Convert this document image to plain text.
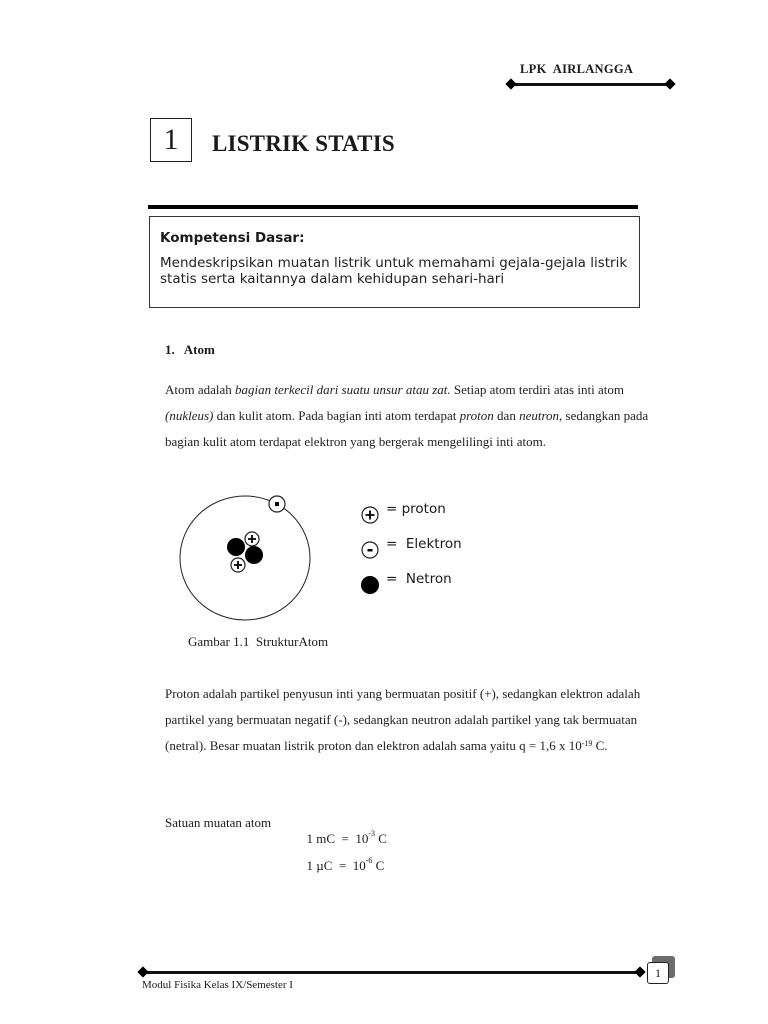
LPK  AIRLANGGA
1	LISTRIK STATIS
Kompetensi Dasar:
Mendeskripsikan muatan listrik untuk memahami gejala-gejala listrik statis serta kaitannya dalam kehidupan sehari-hari
1. Atom
Atom adalah bagian terkecil dari suatu unsur atau zat. Setiap atom terdiri atas inti atom (nukleus) dan kulit atom. Pada bagian inti atom terdapat proton dan neutron, sedangkan pada bagian kulit atom terdapat elektron yang bergerak mengelilingi inti atom.
= proton
=  Elektron
=  Netron
Gambar 1.1  StrukturAtom
Proton adalah partikel penyusun inti yang bermuatan positif (+), sedangkan elektron adalah partikel yang bermuatan negatif (-), sedangkan neutron adalah partikel yang tak bermuatan (netral). Besar muatan listrik proton dan elektron adalah sama yaitu q = 1,6 x $10^{-19}$ C.
Satuan muatan atom

1 mC  =  $10^{-3}$ C

1 $\mu C = 10^{-6}$ C

Modul Fisika Kelas IX/Semester I
1
